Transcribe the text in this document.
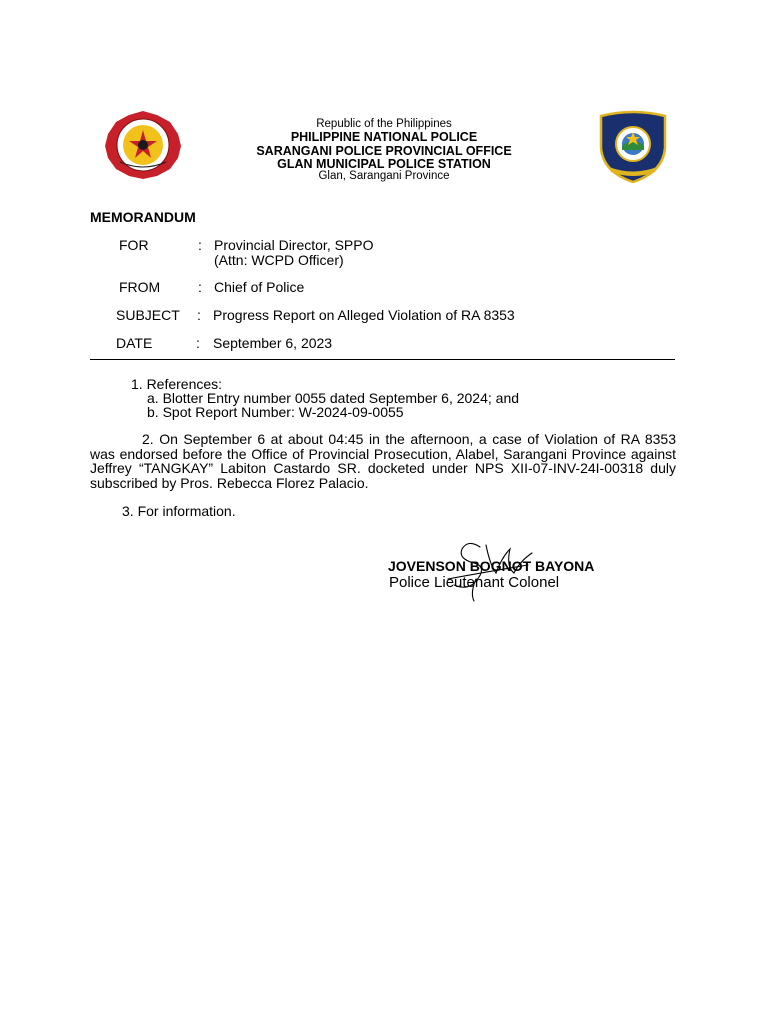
Republic of the Philippines
PHILIPPINE NATIONAL POLICE
SARANGANI POLICE PROVINCIAL OFFICE
GLAN MUNICIPAL POLICE STATION
Glan, Sarangani Province
MEMORANDUM
FOR	: Provincial Director, SPPO
(Attn: WCPD Officer)
FROM	: Chief of Police
SUBJECT : Progress Report on Alleged Violation of RA 8353
DATE	: September 6, 2023
1. References:
a. Blotter Entry number 0055 dated September 6, 2024; and
b. Spot Report Number: W-2024-09-0055
2. On September 6 at about 04:45 in the afternoon, a case of Violation of RA 8353 was endorsed before the Office of Provincial Prosecution, Alabel, Sarangani Province against Jeffrey “TANGKAY” Labiton Castardo SR. docketed under NPS XII-07-INV-24I-00318 duly subscribed by Pros. Rebecca Florez Palacio.
3. For information.
JOVENSON BOGNOT BAYONA
Police Lieutenant Colonel
